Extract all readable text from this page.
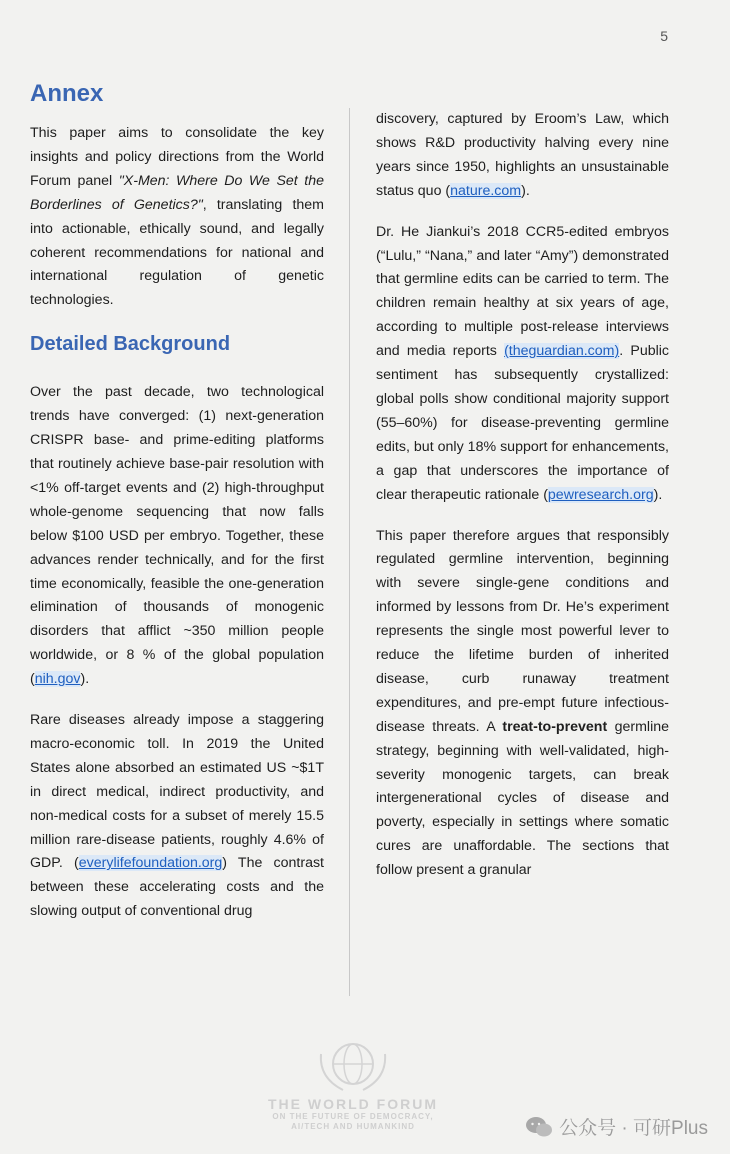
5
Annex

This paper aims to consolidate the key insights and policy directions from the World Forum panel "X-Men: Where Do We Set the Borderlines of Genetics?", translating them into actionable, ethically sound, and legally coherent recommendations for national and international regulation of genetic technologies.

Detailed Background

Over the past decade, two technological trends have converged: (1) next-generation CRISPR base- and prime-editing platforms that routinely achieve base-pair resolution with <1% off-target events and (2) high-throughput whole-genome sequencing that now falls below $100 USD per embryo. Together, these advances render technically, and for the first time economically, feasible the one-generation elimination of thousands of monogenic disorders that afflict ~350 million people worldwide, or 8 % of the global population (nih.gov).

Rare diseases already impose a staggering macro-economic toll. In 2019 the United States alone absorbed an estimated US ~$1T in direct medical, indirect productivity, and non-medical costs for a subset of merely 15.5 million rare-disease patients, roughly 4.6% of GDP. (everylifefoundation.org) The contrast between these accelerating costs and the slowing output of conventional drug

discovery, captured by Eroom’s Law, which shows R&D productivity halving every nine years since 1950, highlights an unsustainable status quo (nature.com).

Dr. He Jiankui’s 2018 CCR5-edited embryos (“Lulu,” “Nana,” and later “Amy”) demonstrated that germline edits can be carried to term. The children remain healthy at six years of age, according to multiple post-release interviews and media reports (theguardian.com). Public sentiment has subsequently crystallized: global polls show conditional majority support (55–60%) for disease-preventing germline edits, but only 18% support for enhancements, a gap that underscores the importance of clear therapeutic rationale (pewresearch.org).

This paper therefore argues that responsibly regulated germline intervention, beginning with severe single-gene conditions and informed by lessons from Dr. He’s experiment represents the single most powerful lever to reduce the lifetime burden of inherited disease, curb runaway treatment expenditures, and pre-empt future infectious-disease threats. A treat-to-prevent germline strategy, beginning with well-validated, high-severity monogenic targets, can break intergenerational cycles of disease and poverty, especially in settings where somatic cures are unaffordable. The sections that follow present a granular

THE WORLD FORUM
ON THE FUTURE OF DEMOCRACY,
AI/TECH AND HUMANKIND	公众号 · 可研Plus
